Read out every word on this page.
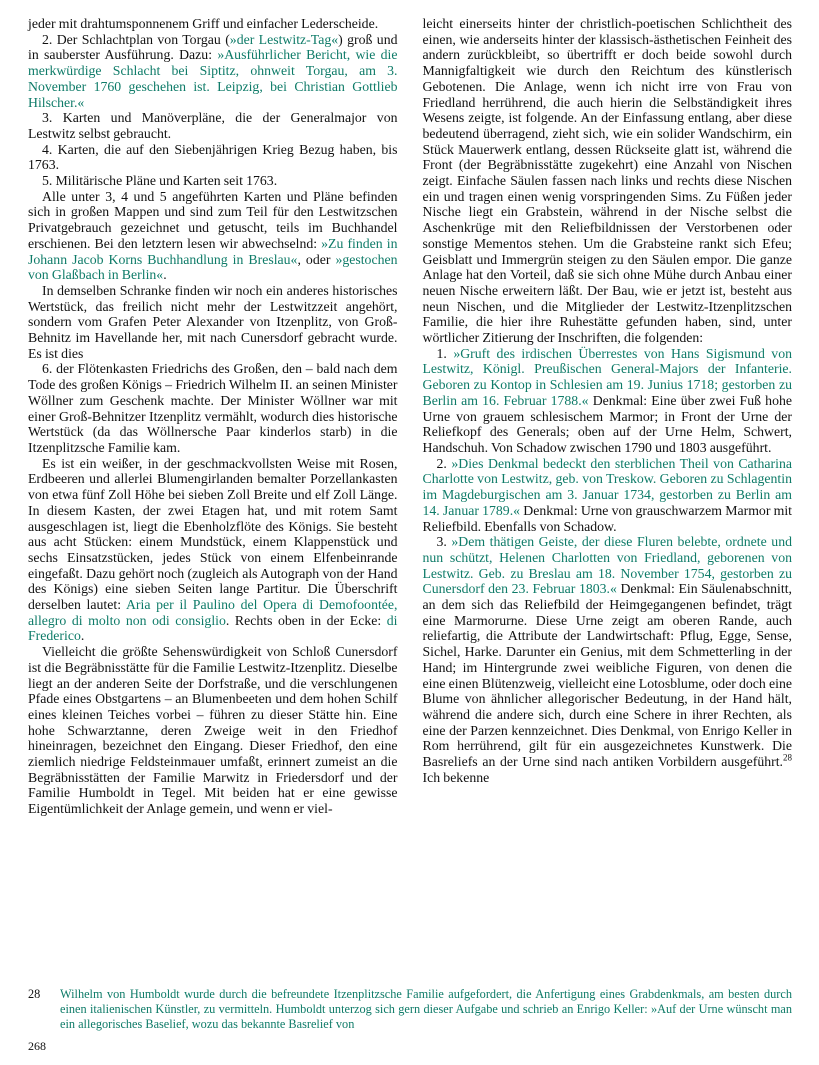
jeder mit drahtumsponnenem Griff und einfacher Lederscheide.

2. Der Schlachtplan von Torgau (»der Lestwitz-Tag«) groß und in sauberster Ausführung. Dazu: »Ausführlicher Bericht, wie die merkwürdige Schlacht bei Siptitz, ohnweit Torgau, am 3. November 1760 geschehen ist. Leipzig, bei Christian Gottlieb Hilscher.«

3. Karten und Manöverpläne, die der Generalmajor von Lestwitz selbst gebraucht.

4. Karten, die auf den Siebenjährigen Krieg Bezug haben, bis 1763.

5. Militärische Pläne und Karten seit 1763.

Alle unter 3, 4 und 5 angeführten Karten und Pläne befinden sich in großen Mappen und sind zum Teil für den Lestwitzschen Privatgebrauch gezeichnet und getuscht, teils im Buchhandel erschienen. Bei den letztern lesen wir abwechselnd: »Zu finden in Johann Jacob Korns Buchhandlung in Breslau«, oder »gestochen von Glaßbach in Berlin«.

In demselben Schranke finden wir noch ein anderes historisches Wertstück, das freilich nicht mehr der Lestwitzzeit angehört, sondern vom Grafen Peter Alexander von Itzenplitz, von Groß-Behnitz im Havellande her, mit nach Cunersdorf gebracht wurde. Es ist dies

6. der Flötenkasten Friedrichs des Großen, den – bald nach dem Tode des großen Königs – Friedrich Wilhelm II. an seinen Minister Wöllner zum Geschenk machte. Der Minister Wöllner war mit einer Groß-Behnitzer Itzenplitz vermählt, wodurch dies historische Wertstück (da das Wöllnersche Paar kinderlos starb) in die Itzenplitzsche Familie kam.

Es ist ein weißer, in der geschmackvollsten Weise mit Rosen, Erdbeeren und allerlei Blumengirlanden bemalter Porzellankasten von etwa fünf Zoll Höhe bei sieben Zoll Breite und elf Zoll Länge. In diesem Kasten, der zwei Etagen hat, und mit rotem Samt ausgeschlagen ist, liegt die Ebenholzflöte des Königs. Sie besteht aus acht Stücken: einem Mundstück, einem Klappenstück und sechs Einsatzstücken, jedes Stück von einem Elfenbeinrande eingefaßt. Dazu gehört noch (zugleich als Autograph von der Hand des Königs) eine sieben Seiten lange Partitur. Die Überschrift derselben lautet: Aria per il Paulino del Opera di Demofoontée, allegro di molto non odi consiglio. Rechts oben in der Ecke: di Frederico.

Vielleicht die größte Sehenswürdigkeit von Schloß Cunersdorf ist die Begräbnisstätte für die Familie Lestwitz-Itzenplitz. Dieselbe liegt an der anderen Seite der Dorfstraße, und die verschlungenen Pfade eines Obstgartens – an Blumenbeeten und dem hohen Schilf eines kleinen Teiches vorbei – führen zu dieser Stätte hin. Eine hohe Schwarztanne, deren Zweige weit in den Friedhof hineinragen, bezeichnet den Eingang. Dieser Friedhof, den eine ziemlich niedrige Feldsteinmauer umfaßt, erinnert zumeist an die Begräbnisstätten der Familie Marwitz in Friedersdorf und der Familie Humboldt in Tegel. Mit beiden hat er eine gewisse Eigentümlichkeit der Anlage gemein, und wenn er viel-

leicht einerseits hinter der christlich-poetischen Schlichtheit des einen, wie anderseits hinter der klassisch-ästhetischen Feinheit des andern zurückbleibt, so übertrifft er doch beide sowohl durch Mannigfaltigkeit wie durch den Reichtum des künstlerisch Gebotenen. Die Anlage, wenn ich nicht irre von Frau von Friedland herrührend, die auch hierin die Selbständigkeit ihres Wesens zeigte, ist folgende. An der Einfassung entlang, aber diese bedeutend überragend, zieht sich, wie ein solider Wandschirm, ein Stück Mauerwerk entlang, dessen Rückseite glatt ist, während die Front (der Begräbnisstätte zugekehrt) eine Anzahl von Nischen zeigt. Einfache Säulen fassen nach links und rechts diese Nischen ein und tragen einen wenig vorspringenden Sims. Zu Füßen jeder Nische liegt ein Grabstein, während in der Nische selbst die Aschenkrüge mit den Reliefbildnissen der Verstorbenen oder sonstige Mementos stehen. Um die Grabsteine rankt sich Efeu; Geisblatt und Immergrün steigen zu den Säulen empor. Die ganze Anlage hat den Vorteil, daß sie sich ohne Mühe durch Anbau einer neuen Nische erweitern läßt. Der Bau, wie er jetzt ist, besteht aus neun Nischen, und die Mitglieder der Lestwitz-Itzenplitzschen Familie, die hier ihre Ruhestätte gefunden haben, sind, unter wörtlicher Zitierung der Inschriften, die folgenden:

1. »Gruft des irdischen Überrestes von Hans Sigismund von Lestwitz, Königl. Preußischen General-Majors der Infanterie. Geboren zu Kontop in Schlesien am 19. Junius 1718; gestorben zu Berlin am 16. Februar 1788.« Denkmal: Eine über zwei Fuß hohe Urne von grauem schlesischem Marmor; in Front der Urne der Reliefkopf des Generals; oben auf der Urne Helm, Schwert, Handschuh. Von Schadow zwischen 1790 und 1803 ausgeführt.

2. »Dies Denkmal bedeckt den sterblichen Theil von Catharina Charlotte von Lestwitz, geb. von Treskow. Geboren zu Schlagentin im Magdeburgischen am 3. Januar 1734, gestorben zu Berlin am 14. Januar 1789.« Denkmal: Urne von grauschwarzem Marmor mit Reliefbild. Ebenfalls von Schadow.

3. »Dem thätigen Geiste, der diese Fluren belebte, ordnete und nun schützt, Helenen Charlotten von Friedland, geborenen von Lestwitz. Geb. zu Breslau am 18. November 1754, gestorben zu Cunersdorf den 23. Februar 1803.« Denkmal: Ein Säulenabschnitt, an dem sich das Reliefbild der Heimgegangenen befindet, trägt eine Marmorurne. Diese Urne zeigt am oberen Rande, auch reliefartig, die Attribute der Landwirtschaft: Pflug, Egge, Sense, Sichel, Harke. Darunter ein Genius, mit dem Schmetterling in der Hand; im Hintergrunde zwei weibliche Figuren, von denen die eine einen Blütenzweig, vielleicht eine Lotosblume, oder doch eine Blume von ähnlicher allegorischer Bedeutung, in der Hand hält, während die andere sich, durch eine Schere in ihrer Rechten, als eine der Parzen kennzeichnet. Dies Denkmal, von Enrigo Keller in Rom herrührend, gilt für ein ausgezeichnetes Kunstwerk. Die Basreliefs an der Urne sind nach antiken Vorbildern ausgeführt.$^{28}$ Ich bekenne

28	Wilhelm von Humboldt wurde durch die befreundete Itzenplitzsche Familie aufgefordert, die Anfertigung eines Grabdenkmals, am besten durch einen italienischen Künstler, zu vermitteln. Humboldt unterzog sich gern dieser Aufgabe und schrieb an Enrigo Keller: »Auf der Urne wünscht man ein allegorisches Baselief, wozu das bekannte Basrelief von
268
